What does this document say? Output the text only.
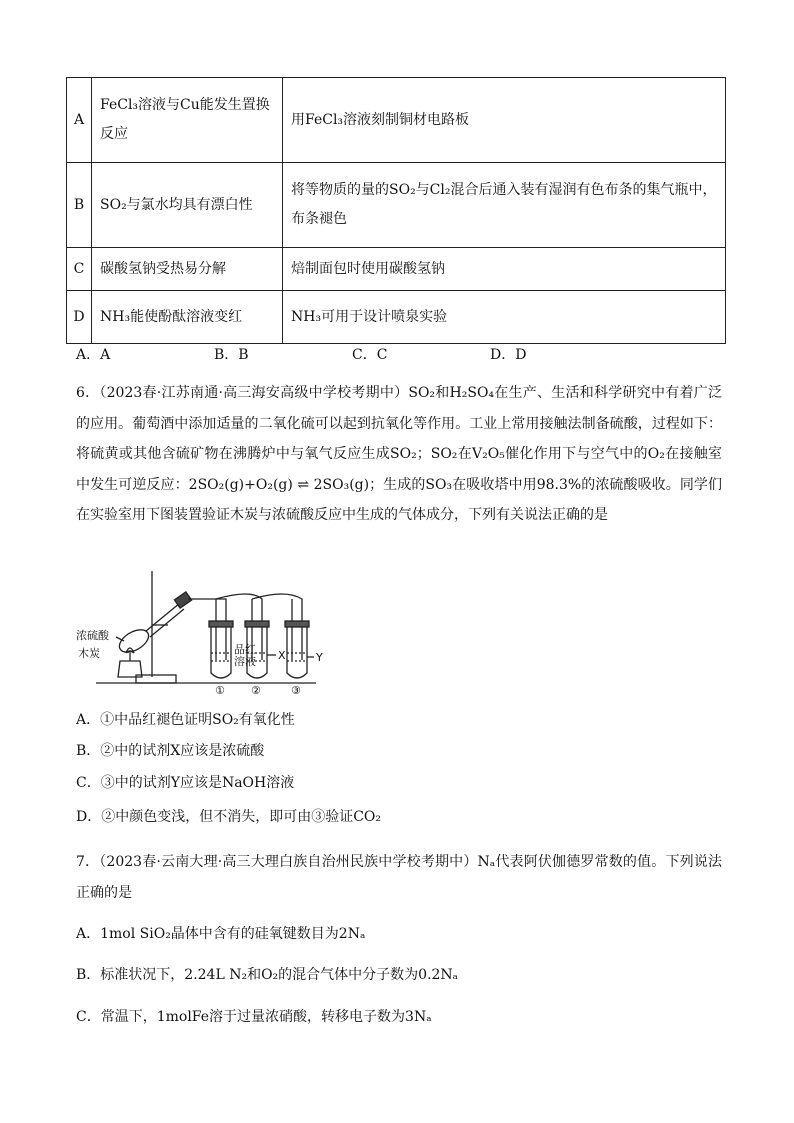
A	FeCl₃溶液与Cu能发生置换反应	用FeCl₃溶液刻制铜材电路板
B	SO₂与氯水均具有漂白性	将等物质的量的SO₂与Cl₂混合后通入装有湿润有色布条的集气瓶中，布条褪色
C	碳酸氢钠受热易分解	焙制面包时使用碳酸氢钠
D	NH₃能使酚酞溶液变红	NH₃可用于设计喷泉实验
A．A	B．B	C．C	D．D
6．（2023春·江苏南通·高三海安高级中学校考期中）SO₂和H₂SO₄在生产、生活和科学研究中有着广泛的应用。葡萄酒中添加适量的二氧化硫可以起到抗氧化等作用。工业上常用接触法制备硫酸，过程如下：将硫黄或其他含硫矿物在沸腾炉中与氧气反应生成SO₂；SO₂在V₂O₅催化作用下与空气中的O₂在接触室中发生可逆反应：2SO₂(g)+O₂(g) ⇌ 2SO₃(g)；生成的SO₃在吸收塔中用98.3%的浓硫酸吸收。同学们在实验室用下图装置验证木炭与浓硫酸反应中生成的气体成分，下列有关说法正确的是
浓硫酸
木炭	品红
溶液 X	Y
① ②	③
A．①中品红褪色证明SO₂有氧化性
B．②中的试剂X应该是浓硫酸
C．③中的试剂Y应该是NaOH溶液
D．②中颜色变浅，但不消失，即可由③验证CO₂
7．（2023春·云南大理·高三大理白族自治州民族中学校考期中）Nₐ代表阿伏伽德罗常数的值。下列说法正确的是
A．1mol SiO₂晶体中含有的硅氧键数目为2Nₐ
B．标准状况下，2.24L N₂和O₂的混合气体中分子数为0.2Nₐ
C．常温下，1molFe溶于过量浓硝酸，转移电子数为3Nₐ
